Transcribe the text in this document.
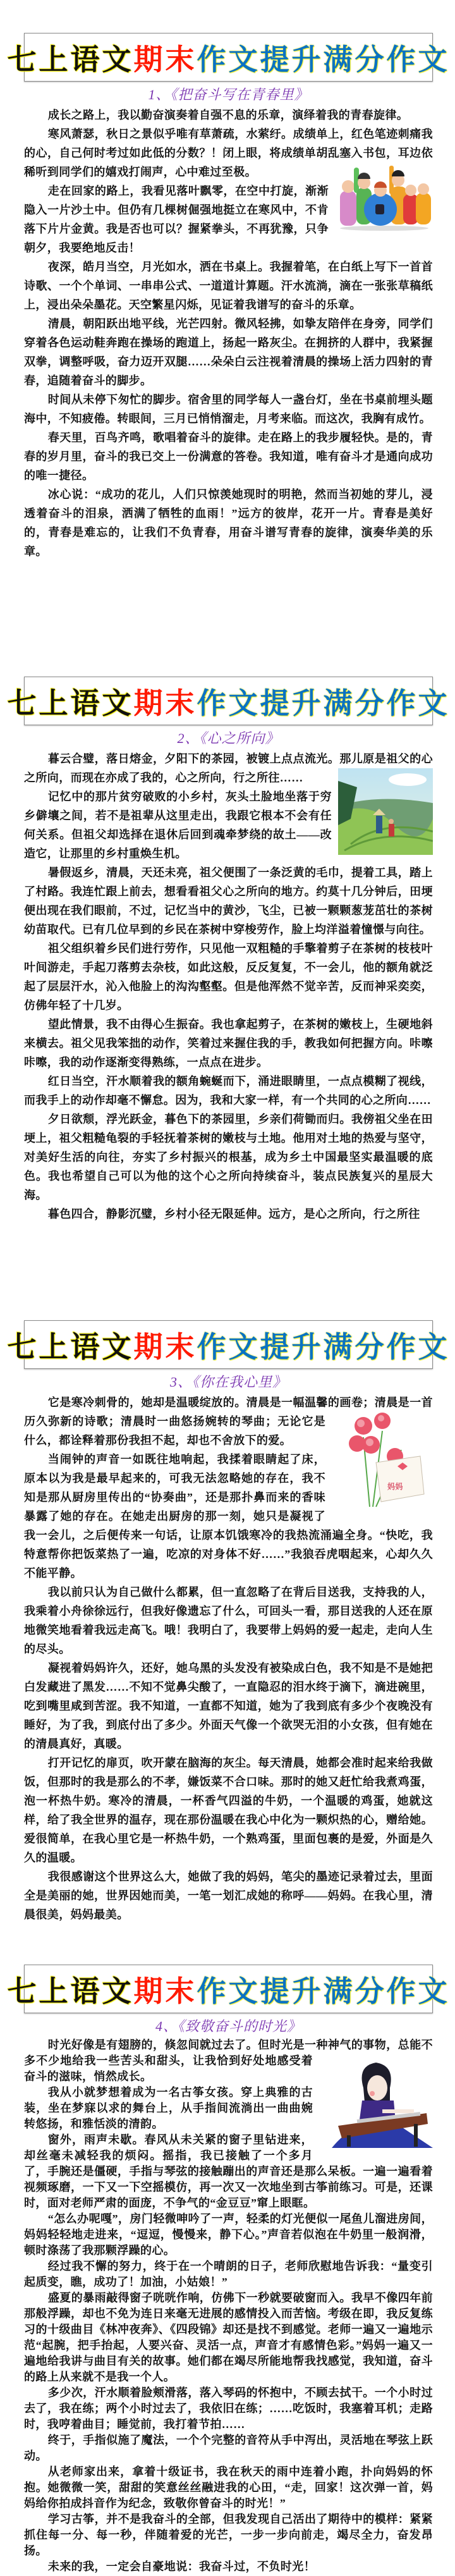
七上语文期末作文提升满分作文
1、《把奋斗写在青春里》

成长之路上，我以勤奋演奏着自强不息的乐章，演绎着我的青春旋律。

寒风萧瑟，秋日之景似乎唯有草萧疏，水萦纡。成绩单上，红色笔迹刺痛我的心，自己何时考过如此低的分数？！闭上眼，将成绩单胡乱塞入书包，耳边依稀听到同学们的嬉戏打闹声，心中难过至极。

走在回家的路上，我看见落叶飘零，在空中打旋，渐渐隐入一片沙土中。但仍有几棵树倔强地挺立在寒风中，不肯落下片片金黄。我是否也可以？握紧拳头，不再犹豫，只争朝夕，我要绝地反击！

夜深，皓月当空，月光如水，洒在书桌上。我握着笔，在白纸上写下一首首诗歌、一个个单词、一串串公式、一道道计算题。汗水流淌，滴在一张张草稿纸上，浸出朵朵墨花。天空繁星闪烁，见证着我谱写的奋斗的乐章。

清晨，朝阳跃出地平线，光芒四射。微风轻拂，如挚友陪伴在身旁，同学们穿着各色运动鞋奔跑在操场的跑道上，扬起一路灰尘。在拥挤的人群中，我紧握双拳，调整呼吸，奋力迈开双腿……朵朵白云注视着清晨的操场上活力四射的青春，追随着奋斗的脚步。

时间从未停下匆忙的脚步。宿舍里的同学每人一盏台灯，坐在书桌前埋头题海中，不知疲倦。转眼间，三月已悄悄溜走，月考来临。而这次，我胸有成竹。

春天里，百鸟齐鸣，歌唱着奋斗的旋律。走在路上的我步履轻快。是的，青春的岁月里，奋斗的我已交上一份满意的答卷。我知道，唯有奋斗才是通向成功的唯一捷径。

冰心说：“成功的花儿，人们只惊羡她现时的明艳，然而当初她的芽儿，浸透着奋斗的泪泉，洒满了牺牲的血雨！”远方的彼岸，花开一片。青春是美好的，青春是难忘的，让我们不负青春，用奋斗谱写青春的旋律，演奏华美的乐章。

七上语文期末作文提升满分作文
2、《心之所向》

暮云合璧，落日熔金，夕阳下的茶园，被镀上点点流光。那儿原是祖父的心之所向，而现在亦成了我的，心之所向，行之所往……

记忆中的那片贫穷破败的小乡村，灰头土脸地坐落于穷乡僻壤之间，若不是祖辈从这里走出，我跟它根本不会有任何关系。但祖父却选择在退休后回到魂牵梦绕的故土——改造它，让那里的乡村重焕生机。

暑假返乡，清晨，天还未亮，祖父便围了一条泛黄的毛巾，提着工具，踏上了村路。我连忙跟上前去，想看看祖父心之所向的地方。约莫十几分钟后，田埂便出现在我们眼前，不过，记忆当中的黄沙，飞尘，已被一颗颗葱茏茁壮的茶树幼苗取代。已有几位早到的乡民在茶树中穿梭劳作，脸上均洋溢着憧憬与向往。

祖父组织着乡民们进行劳作，只见他一双粗糙的手擎着剪子在茶树的枝枝叶叶间游走，手起刀落剪去杂枝，如此这般，反反复复，不一会儿，他的额角就泛起了层层汗水，沁入他脸上的沟沟壑壑。但是他浑然不觉辛苦，反而神采奕奕，仿佛年轻了十几岁。

望此情景，我不由得心生振奋。我也拿起剪子，在茶树的嫩枝上，生硬地斜来横去。祖父见我笨拙的动作，笑着过来握住我的手，教我如何把握方向。咔嚓咔嚓，我的动作逐渐变得熟练，一点点在进步。

红日当空，汗水顺着我的额角蜿蜒而下，涌进眼睛里，一点点模糊了视线，而我手上的动作却毫不懈怠。因为，我和大家一样，有一个共同的心之所向……

夕日欲颓，浮光跃金，暮色下的茶园里，乡亲们荷锄而归。我傍祖父坐在田埂上，祖父粗糙龟裂的手轻抚着茶树的嫩枝与土地。他用对土地的热爱与坚守，对美好生活的向往，夯实了乡村振兴的根基，成为乡土中国最坚实最温暖的底色。我也希望自己可以为他的这个心之所向持续奋斗，装点民族复兴的星辰大海。

暮色四合，静影沉璧，乡村小径无限延伸。远方，是心之所向，行之所往

七上语文期末作文提升满分作文
3、《你在我心里》

妈妈
它是寒冷刺骨的，她却是温暖绽放的。清晨是一幅温馨的画卷；清晨是一首历久弥新的诗歌；清晨时一曲悠扬婉转的琴曲；无论它是什么，都诠释着那份我担不起，却也不舍放下的爱。

当闹钟的声音一如既往地响起，我揉着眼睛起了床，原本以为我是最早起来的，可我无法忽略她的存在，我不知是那从厨房里传出的“协奏曲”，还是那扑鼻而来的香味暴露了她的存在。在她走出厨房的那一刻，她只是凝视了我一会儿，之后便传来一句话，让原本饥饿寒冷的我热流涌遍全身。“快吃，我特意帮你把饭菜热了一遍，吃凉的对身体不好……”我狼吞虎咽起来，心却久久不能平静。

我以前只认为自己做什么都累，但一直忽略了在背后目送我，支持我的人，我乘着小舟徐徐远行，但我好像遗忘了什么，可回头一看，那目送我的人还在原地微笑地看着我远走高飞。哦！我明白了，我要带上妈妈的爱一起走，走向人生的尽头。

凝视着妈妈许久，还好，她乌黑的头发没有被染成白色，我不知是不是她把白发藏进了黑发……不知不觉鼻尖酸了，一直隐忍的泪水终于滴下，滴进碗里，吃到嘴里咸到苦涩。我不知道，一直都不知道，她为了我到底有多少个夜晚没有睡好，为了我，到底付出了多少。外面天气像一个欲哭无泪的小女孩，但有她在的清晨真好，真暖。

打开记忆的扉页，吹开蒙在脑海的灰尘。每天清晨，她都会准时起来给我做饭，但那时的我是那么的不孝，嫌饭菜不合口味。那时的她又赶忙给我煮鸡蛋，泡一杯热牛奶。寒冷的清晨，一杯香气四溢的牛奶，一个温暖的鸡蛋，她就这样，给了我全世界的温存，现在那份温暖在我心中化为一颗炽热的心，赠给她。爱很简单，在我心里它是一杯热牛奶，一个熟鸡蛋，里面包裹的是爱，外面是久久的温暖。

我很感谢这个世界这么大，她做了我的妈妈，笔尖的墨迹记录着过去，里面全是美丽的她，世界因她而美，一笔一划汇成她的称呼——妈妈。在我心里，清晨很美，妈妈最美。

七上语文期末作文提升满分作文
4、《致敬奋斗的时光》

时光好像是有翅膀的，倏忽间就过去了。但时光是一种神气的事物，总能不多不少地给我一些苦头和甜头，让我恰到好处地感受着奋斗的滋味，悄然成长。

我从小就梦想着成为一名古筝女孩。穿上典雅的古装，坐在梦寐以求的舞台上，从手指间流淌出一曲曲婉转悠扬，和雅恬淡的清韵。

窗外，雨声未歇。春风从未关紧的窗子里钻进来，却丝毫未减轻我的烦闷。摇指，我已接触了一个多月了，手腕还是僵硬，手指与琴弦的接触蹦出的声音还是那么呆板。一遍一遍看着视频琢磨，一下又一下空摇模仿，再一次又一次地坐到古筝前练习。可是，还课时，面对老师严肃的面庞，不争气的“金豆豆”窜上眼眶。

“怎么办呢嘎”，房门轻微呻吟了一声，轻柔的灯光便似一尾鱼儿溜进房间，妈妈轻轻地走进来，“逗逗，慢慢来，静下心。”声音若似泡在牛奶里一般润滑，顿时涤荡了我那颗浮躁的心。

经过我不懈的努力，终于在一个晴朗的日子，老师欣慰地告诉我：“量变引起质变，瞧，成功了！加油，小姑娘！”

盛夏的暴雨敲得窗子咣咣作响，仿佛下一秒就要破窗而入。我早不像四年前那般浮躁，却也不免为连日来毫无进展的感情投入而苦恼。考级在即，我反复练习的十级曲目《林冲夜奔》、《四段锦》却还是找不到感觉。老师一遍又一遍地示范“起腕，把手抬起，人要兴奋、灵活一点，声音才有感情色彩。”妈妈一遍又一遍地给我讲与曲目有关的故事。她们都在竭尽所能地帮我找感觉，我知道，奋斗的路上从来就不是我一个人。

多少次，汗水顺着脸颊滑落，落入琴码的怀抱中，不顾去拭干。一个小时过去了，我在练；两个小时过去了，我依旧在练；……吃饭时，我塞着耳机；走路时，我哼着曲目；睡觉前，我打着节拍……

终于，手指似施了魔法，一个个完整的音符从手中泻出，灵活地在琴弦上跃动。

从老师家出来，拿着十级证书，我在秋天的雨中连着小跑，扑向妈妈的怀抱。她微微一笑，甜甜的笑意丝丝融进我的心田，“走，回家！这次弹一首，妈妈给你拍成抖音作为纪念，致敬你曾奋斗的时光！”

学习古筝，并不是我奋斗的全部，但我发现自己活出了期待中的模样：紧紧抓住每一分、每一秒，伴随着爱的光芒，一步一步向前走，竭尽全力，奋发昂扬。

未来的我，一定会自豪地说：我奋斗过，不负时光！
